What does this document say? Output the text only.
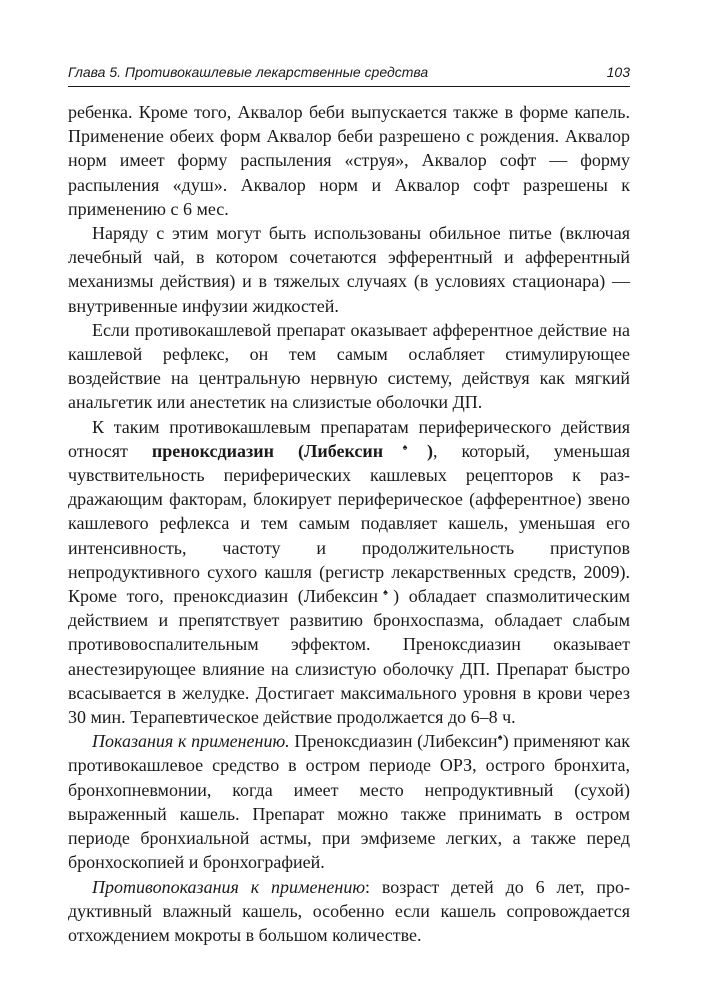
Глава 5. Противокашлевые лекарственные средства	103

ребенка. Кроме того, Аквалор беби выпускается также в форме капель. Применение обеих форм Аквалор беби разрешено с рождения. Аквалор норм имеет форму распыления «струя», Аквалор софт — форму распыления «душ». Аквалор норм и Аквалор софт разрешены к применению с 6 мес.

Наряду с этим могут быть использованы обильное питье (включая лечебный чай, в котором сочетаются эфферентный и афферентный механизмы действия) и в тяжелых случаях (в условиях стационара) — внутривенные инфузии жидкостей.

Если противокашлевой препарат оказывает афферентное действие на кашлевой рефлекс, он тем самым ослабляет стимулирующее воздействие на центральную нервную систему, действуя как мягкий анальгетик или анестетик на слизистые оболочки ДП.

К таким противокашлевым препаратам периферического действия относят преноксдиазин (Либексин♠), который, уменьшая чувствительность периферических кашлевых рецепторов к раздражающим факторам, блокирует периферическое (афферентное) звено кашлевого рефлекса и тем самым подавляет кашель, уменьшая его интенсивность, частоту и продолжительность приступов непродуктивного сухого кашля (регистр лекарственных средств, 2009). Кроме того, преноксдиазин (Либексин♠) обладает спазмолитическим действием и препятствует развитию бронхоспазма, обладает слабым противовоспалительным эффектом. Преноксдиазин оказывает анестезирующее влияние на слизистую оболочку ДП. Препарат быстро всасывается в желудке. Достигает максимального уровня в крови через 30 мин. Терапевтическое действие продолжается до 6–8 ч.

Показания к применению. Преноксдиазин (Либексин♠) применяют как противокашлевое средство в остром периоде ОРЗ, острого бронхита, бронхопневмонии, когда имеет место непродуктивный (сухой) выраженный кашель. Препарат можно также принимать в остром периоде бронхиальной астмы, при эмфиземе легких, а также перед бронхоскопией и бронхографией.

Противопоказания к применению: возраст детей до 6 лет, продуктивный влажный кашель, особенно если кашель сопровождается отхождением мокроты в большом количестве.
